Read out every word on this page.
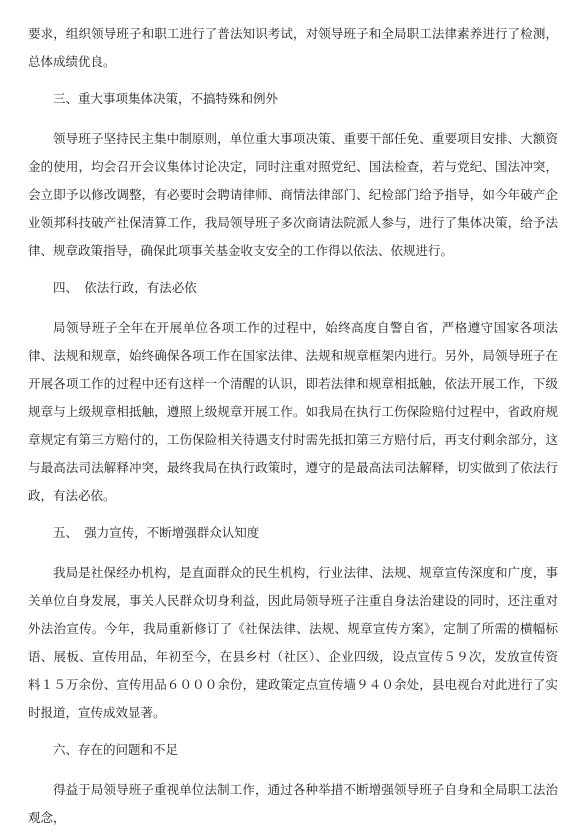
要求，组织领导班子和职工进行了普法知识考试，对领导班子和全局职工法律素养进行了检测，总体成绩优良。

三、重大事项集体决策，不搞特殊和例外

领导班子坚持民主集中制原则，单位重大事项决策、重要干部任免、重要项目安排、大额资金的使用，均会召开会议集体讨论决定，同时注重对照党纪、国法检查，若与党纪、国法冲突，会立即予以修改调整，有必要时会聘请律师、商情法律部门、纪检部门给予指导，如今年破产企业领邦科技破产社保清算工作，我局领导班子多次商请法院派人参与，进行了集体决策，给予法律、规章政策指导，确保此项事关基金收支安全的工作得以依法、依规进行。

四、　依法行政，有法必依

局领导班子全年在开展单位各项工作的过程中，始终高度自警自省，严格遵守国家各项法律、法规和规章，始终确保各项工作在国家法律、法规和规章框架内进行。另外，局领导班子在开展各项工作的过程中还有这样一个清醒的认识，即若法律和规章相抵触，依法开展工作，下级规章与上级规章相抵触，遵照上级规章开展工作。如我局在执行工伤保险赔付过程中，省政府规章规定有第三方赔付的，工伤保险相关待遇支付时需先抵扣第三方赔付后，再支付剩余部分，这与最高法司法解释冲突，最终我局在执行政策时，遵守的是最高法司法解释，切实做到了依法行政，有法必依。

五、　强力宣传，不断增强群众认知度

我局是社保经办机构，是直面群众的民生机构，行业法律、法规、规章宣传深度和广度，事关单位自身发展，事关人民群众切身利益，因此局领导班子注重自身法治建设的同时，还注重对外法治宣传。今年，我局重新修订了《社保法律、法规、规章宣传方案》，定制了所需的横幅标语、展板、宣传用品，年初至今，在县乡村（社区）、企业四级，设点宣传５９次，发放宣传资料１５万余份、宣传用品６０００余份，建政策定点宣传墙９４０余处，县电视台对此进行了实时报道，宣传成效显著。

六、存在的问题和不足

得益于局领导班子重视单位法制工作，通过各种举措不断增强领导班子自身和全局职工法治观念，
